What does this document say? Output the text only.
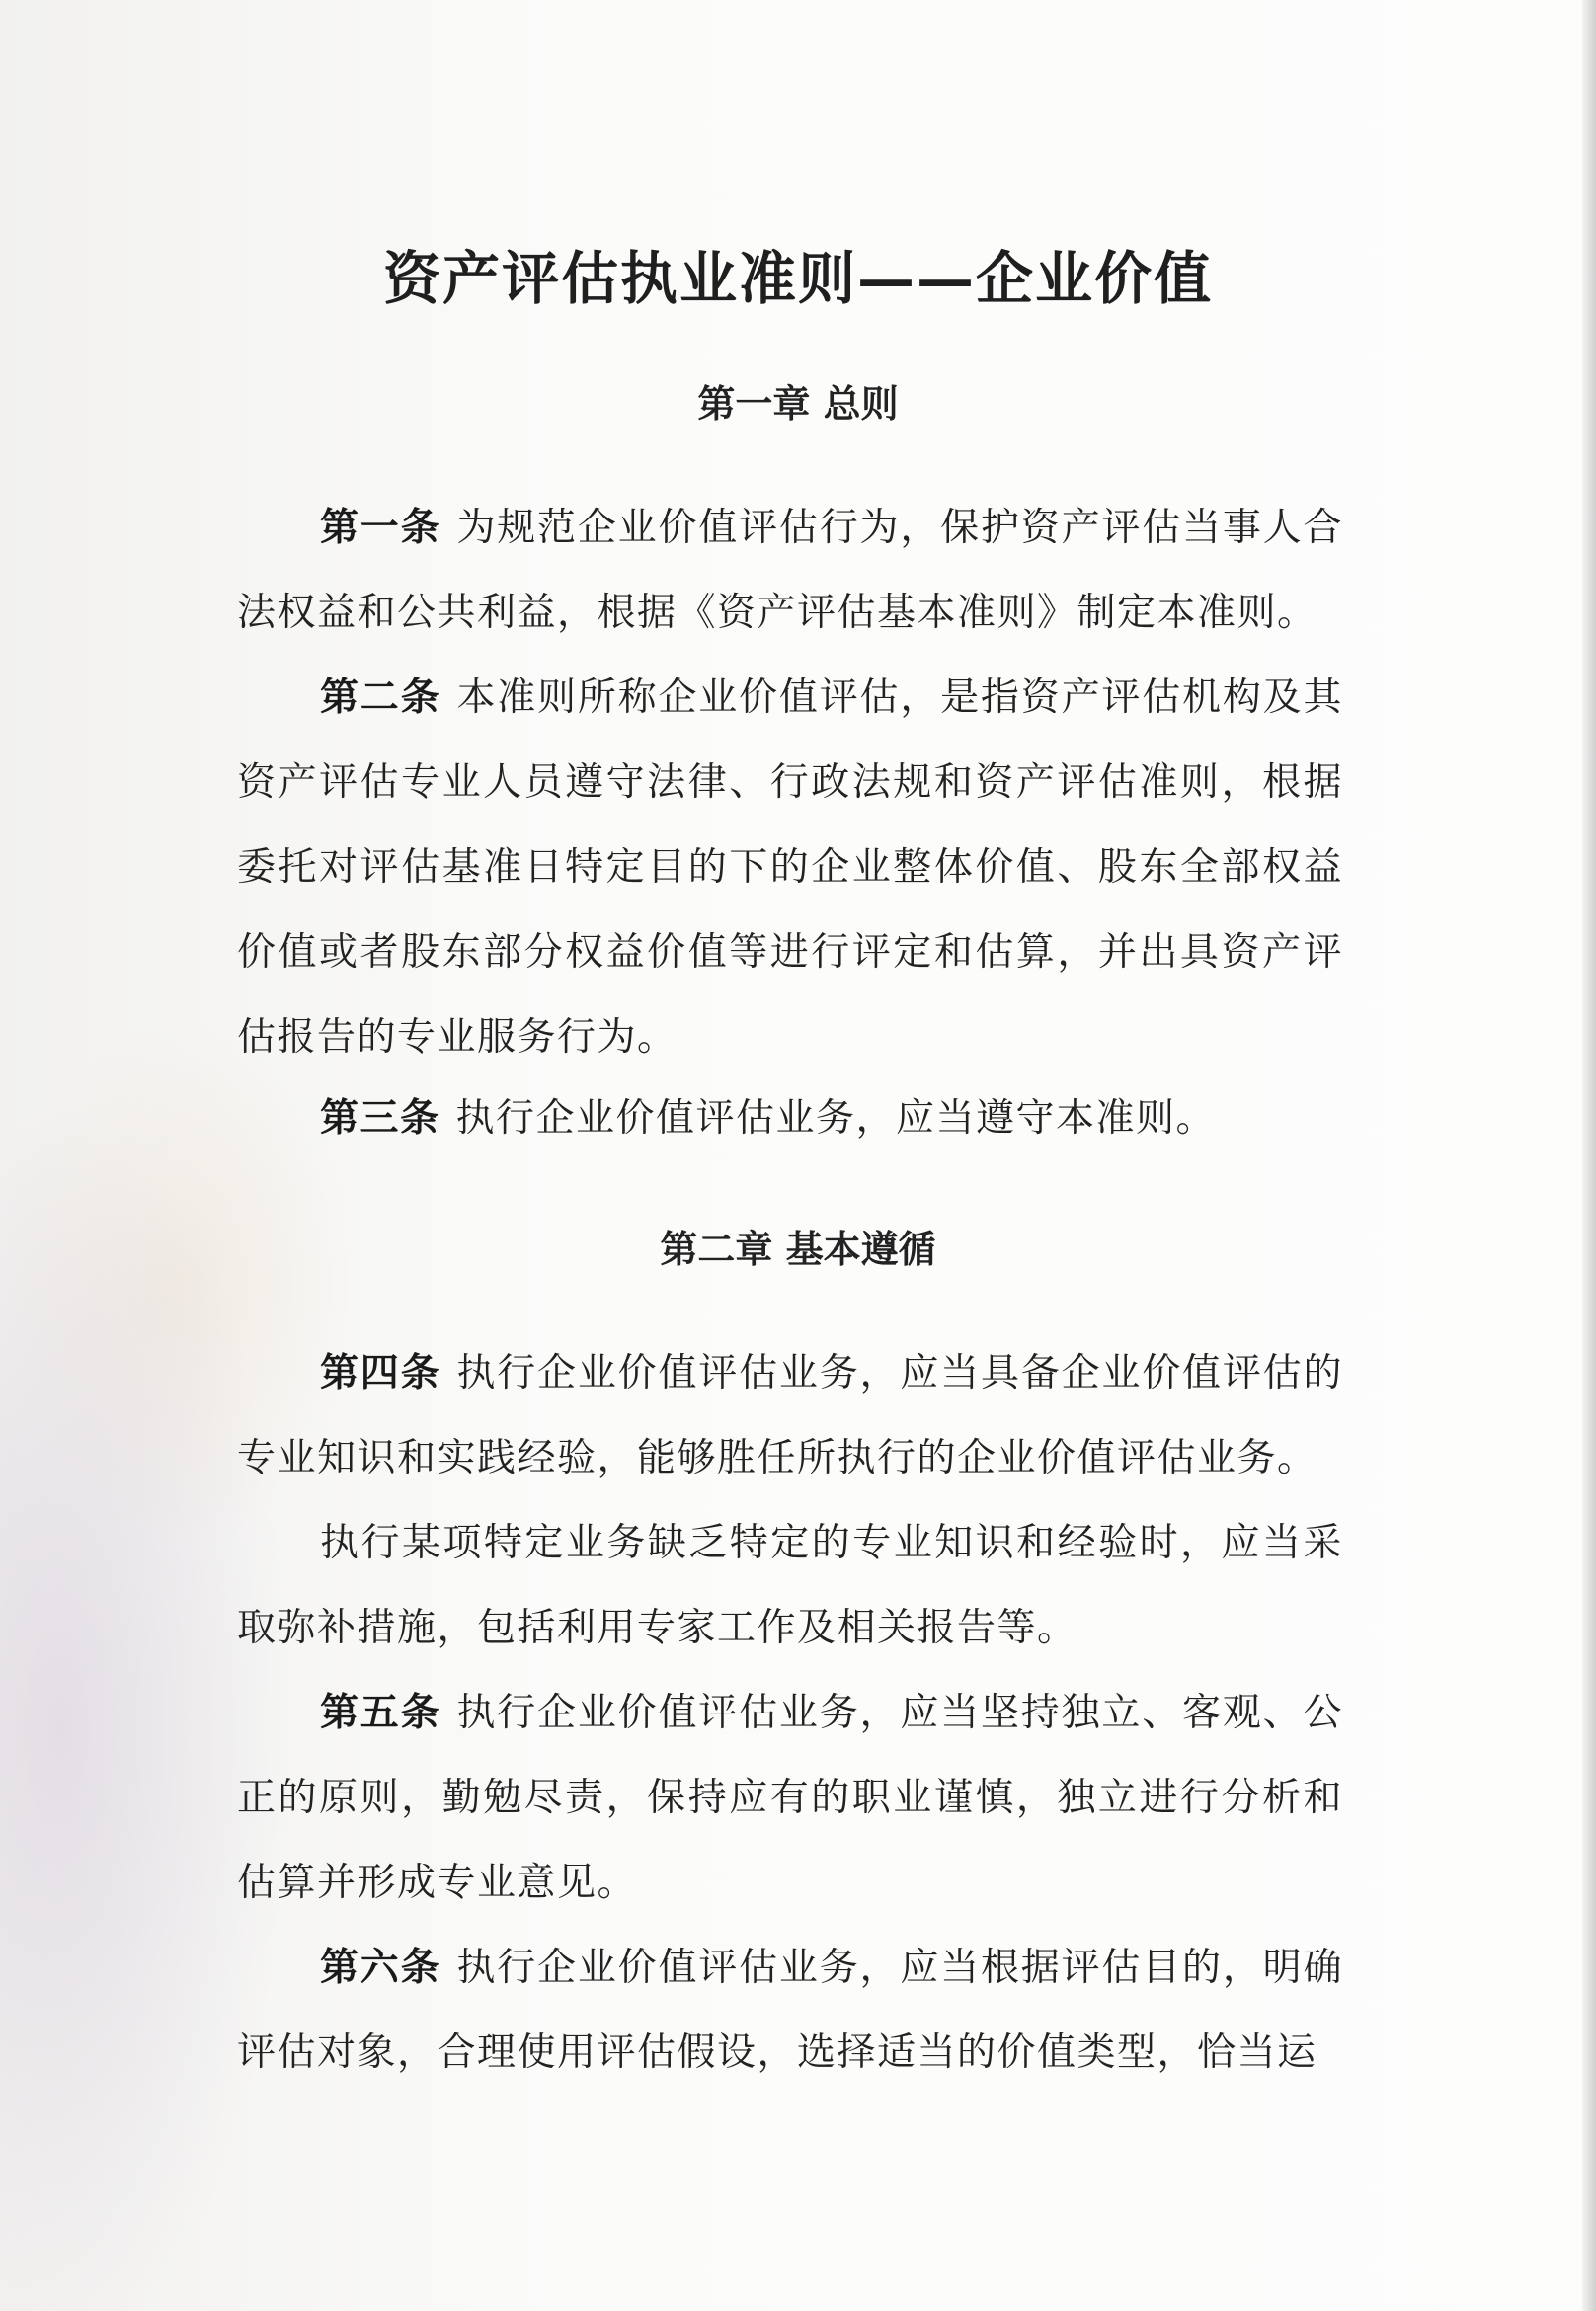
资产评估执业准则——企业价值
第一章 总则

第一条 为规范企业价值评估行为，保护资产评估当事人合法权益和公共利益，根据《资产评估基本准则》制定本准则。

第二条 本准则所称企业价值评估，是指资产评估机构及其资产评估专业人员遵守法律、行政法规和资产评估准则，根据委托对评估基准日特定目的下的企业整体价值、股东全部权益价值或者股东部分权益价值等进行评定和估算，并出具资产评估报告的专业服务行为。

第三条 执行企业价值评估业务，应当遵守本准则。

第二章 基本遵循

第四条 执行企业价值评估业务，应当具备企业价值评估的专业知识和实践经验，能够胜任所执行的企业价值评估业务。

执行某项特定业务缺乏特定的专业知识和经验时，应当采取弥补措施，包括利用专家工作及相关报告等。

第五条 执行企业价值评估业务，应当坚持独立、客观、公正的原则，勤勉尽责，保持应有的职业谨慎，独立进行分析和估算并形成专业意见。

第六条 执行企业价值评估业务，应当根据评估目的，明确评估对象，合理使用评估假设，选择适当的价值类型，恰当运
